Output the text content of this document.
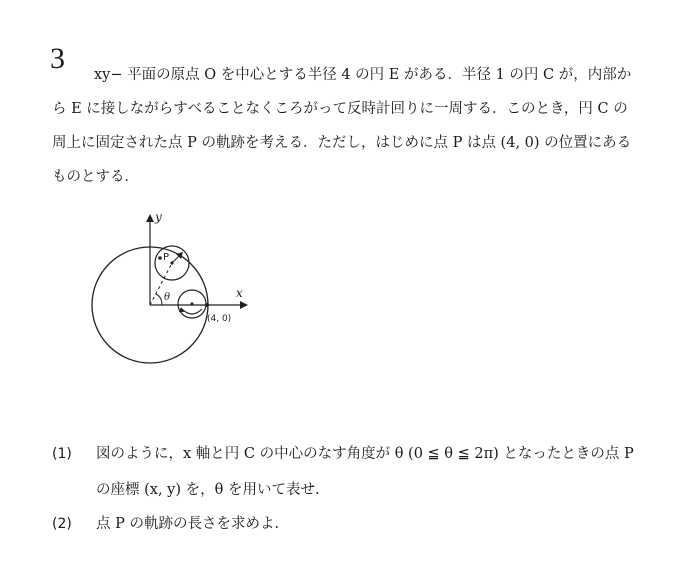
3	xy− 平面の原点 O を中心とする半径 4 の円 E がある．半径 1 の円 C が，内部か
ら E に接しながらすべることなくころがって反時計回りに一周する．このとき，円 C の
周上に固定された点 P の軌跡を考える．ただし，はじめに点 P は点 (4, 0) の位置にある
ものとする．
y
x
P
θ
(4, 0)
(1) 図のように，x 軸と円 C の中心のなす角度が θ (0 ≦ θ ≦ 2π) となったときの点 P
の座標 (x, y) を，θ を用いて表せ.
(2) 点 P の軌跡の長さを求めよ.
